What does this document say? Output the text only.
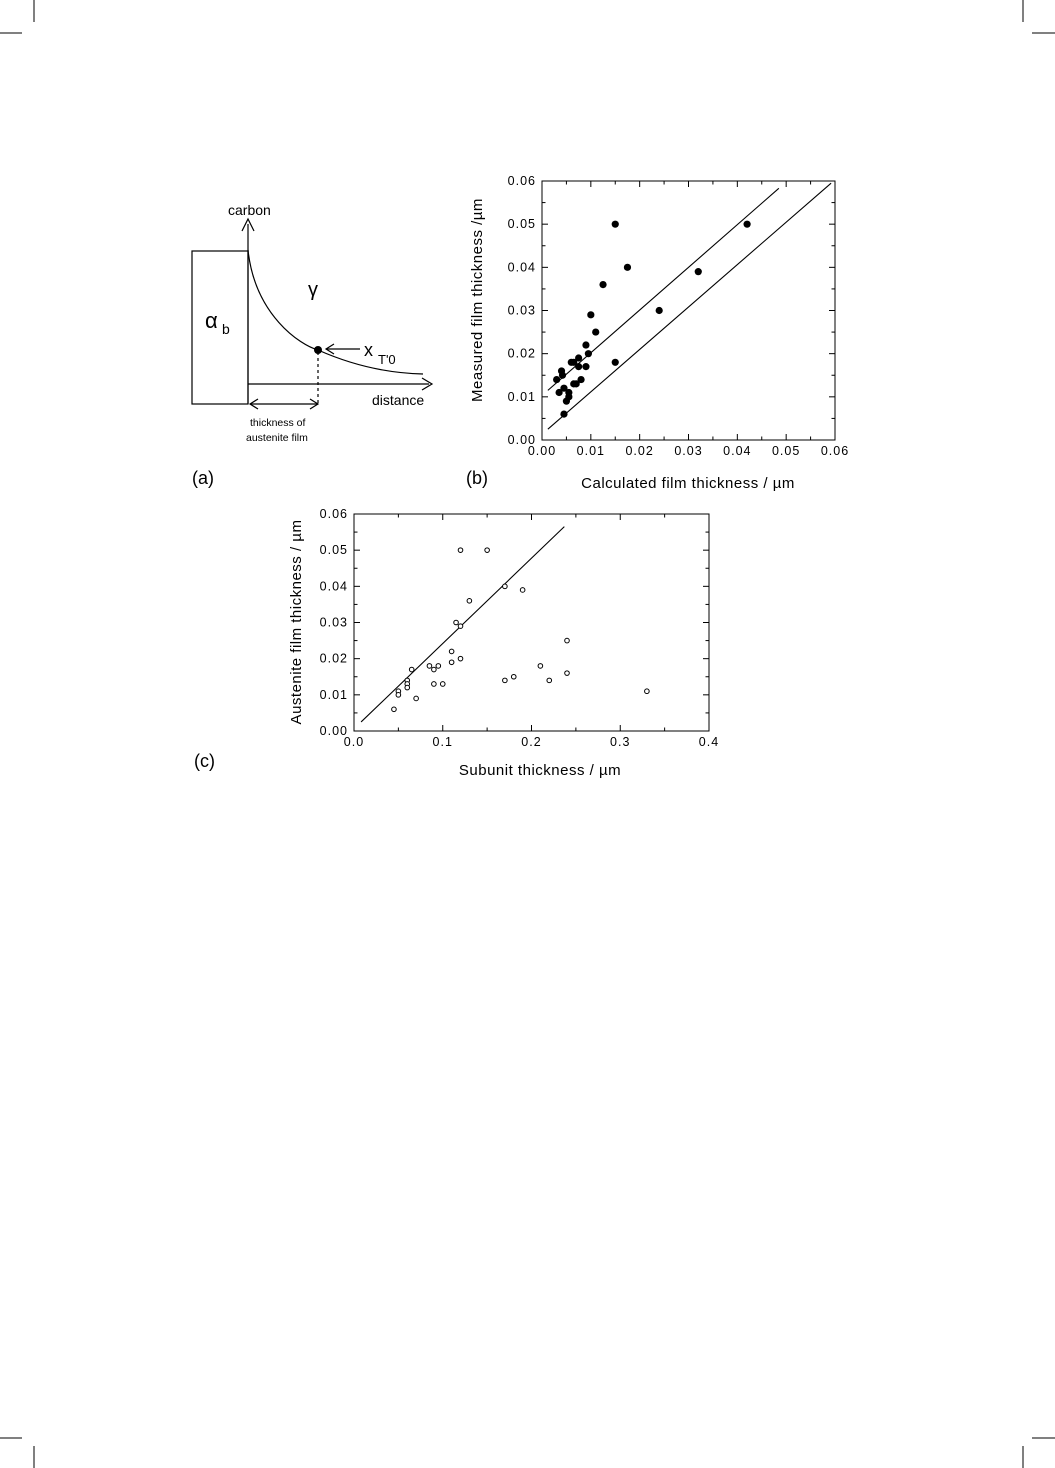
carbon
distance
α b
γ
x T'0
thickness of
austenite film
(a)	(b)
(c)
0.00 0.01 0.02 0.03 0.04 0.05 0.06
0.00
0.01
0.02
0.03
0.04
0.05
0.06
Calculated film thickness / µm
Measured film thickness /µm
0.0	0.1	0.2	0.3	0.4
0.00
0.01
0.02
0.03
0.04
0.05
0.06
Subunit thickness / µm
Austenite film thickness / µm
